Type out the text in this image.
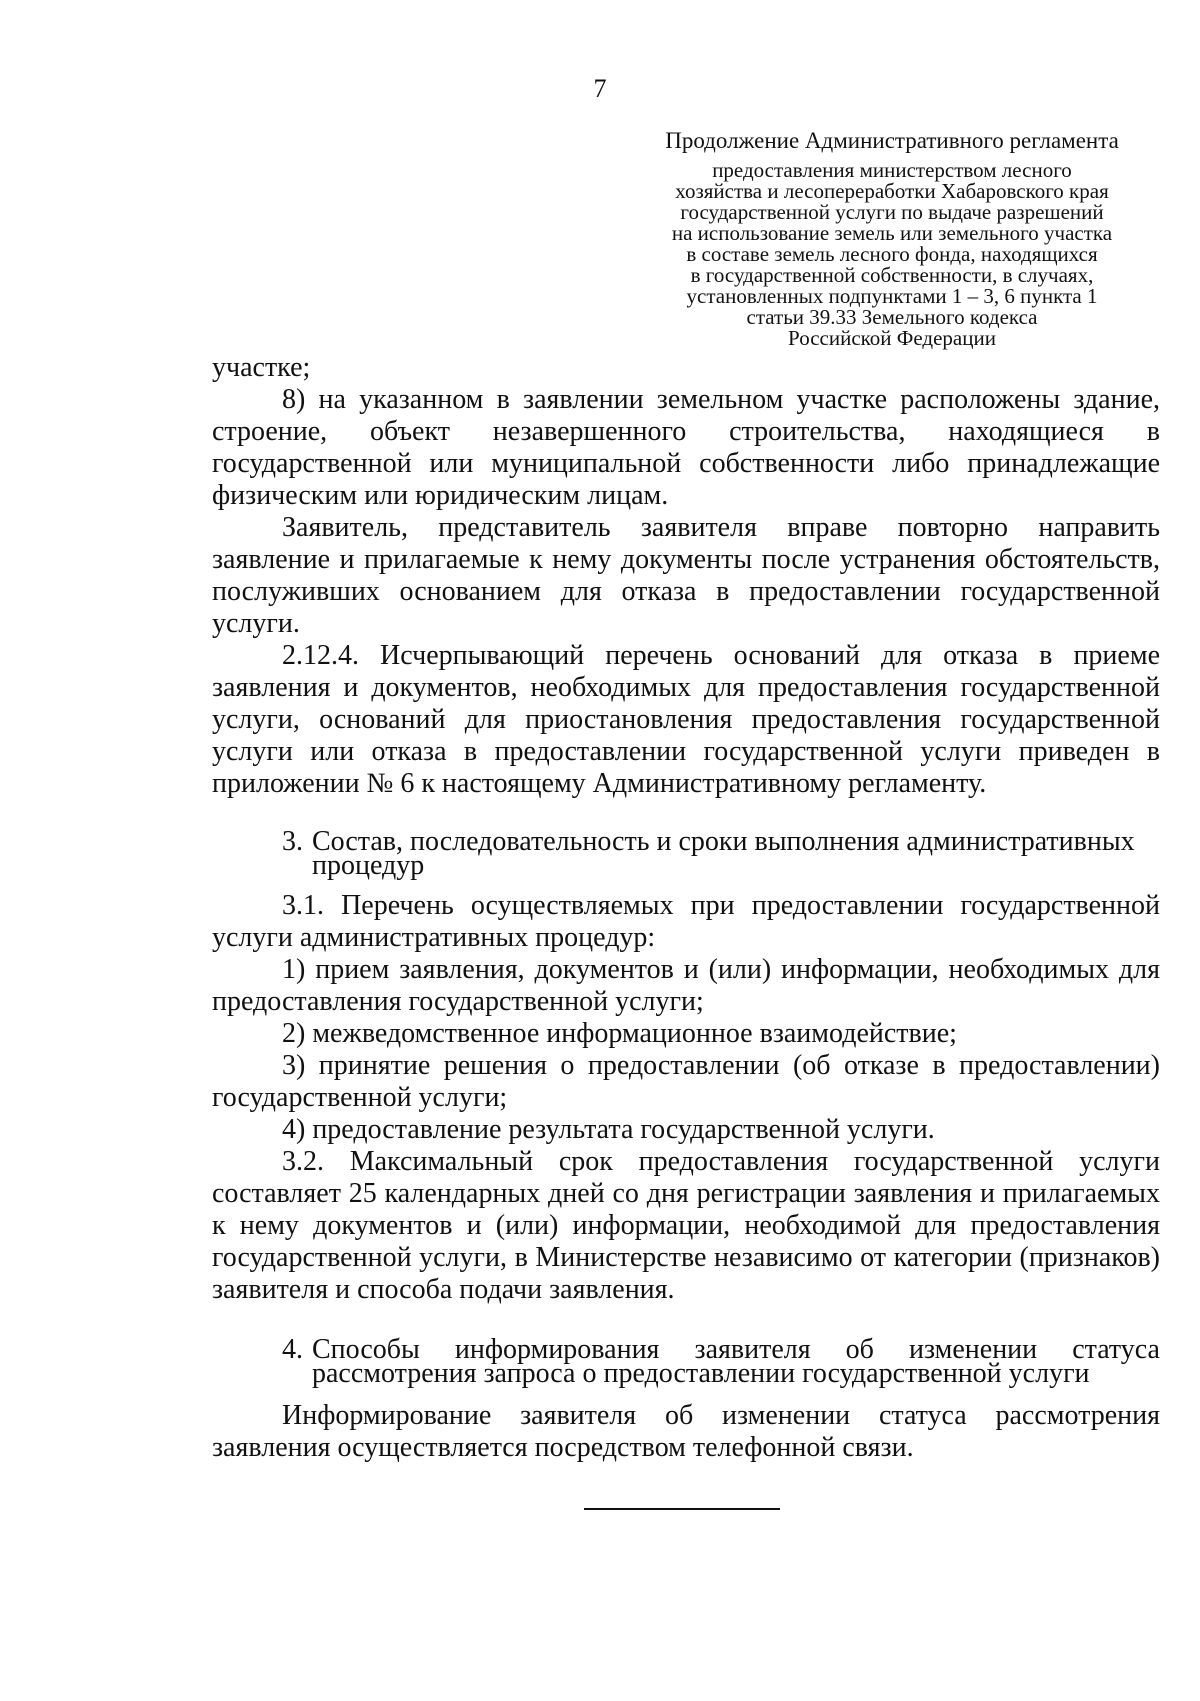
7
Продолжение Административного регламента
предоставления министерством лесного
хозяйства и лесопереработки Хабаровского края
государственной услуги по выдаче разрешений
на использование земель или земельного участка
в составе земель лесного фонда, находящихся
в государственной собственности, в случаях,
установленных подпунктами 1 – 3, 6 пункта 1
статьи 39.33 Земельного кодекса
Российской Федерации

участке;

8) на указанном в заявлении земельном участке расположены здание, строение, объект незавершенного строительства, находящиеся в государственной или муниципальной собственности либо принадлежащие физическим или юридическим лицам.

Заявитель, представитель заявителя вправе повторно направить заявление и прилагаемые к нему документы после устранения обстоятельств, послуживших основанием для отказа в предоставлении государственной услуги.

2.12.4. Исчерпывающий перечень оснований для отказа в приеме заявления и документов, необходимых для предоставления государственной услуги, оснований для приостановления предоставления государственной услуги или отказа в предоставлении государственной услуги приведен в приложении № 6 к настоящему Административному регламенту.

3. Состав, последовательность и сроки выполнения административных
процедур

3.1. Перечень осуществляемых при предоставлении государственной услуги административных процедур:

1) прием заявления, документов и (или) информации, необходимых для предоставления государственной услуги;

2) межведомственное информационное взаимодействие;

3) принятие решения о предоставлении (об отказе в предоставлении) государственной услуги;

4) предоставление результата государственной услуги.

3.2. Максимальный срок предоставления государственной услуги составляет 25 календарных дней со дня регистрации заявления и прилагаемых к нему документов и (или) информации, необходимой для предоставления государственной услуги, в Министерстве независимо от категории (признаков) заявителя и способа подачи заявления.

4. Способы информирования заявителя об изменении статуса
рассмотрения запроса о предоставлении государственной услуги

Информирование заявителя об изменении статуса рассмотрения заявления осуществляется посредством телефонной связи.
